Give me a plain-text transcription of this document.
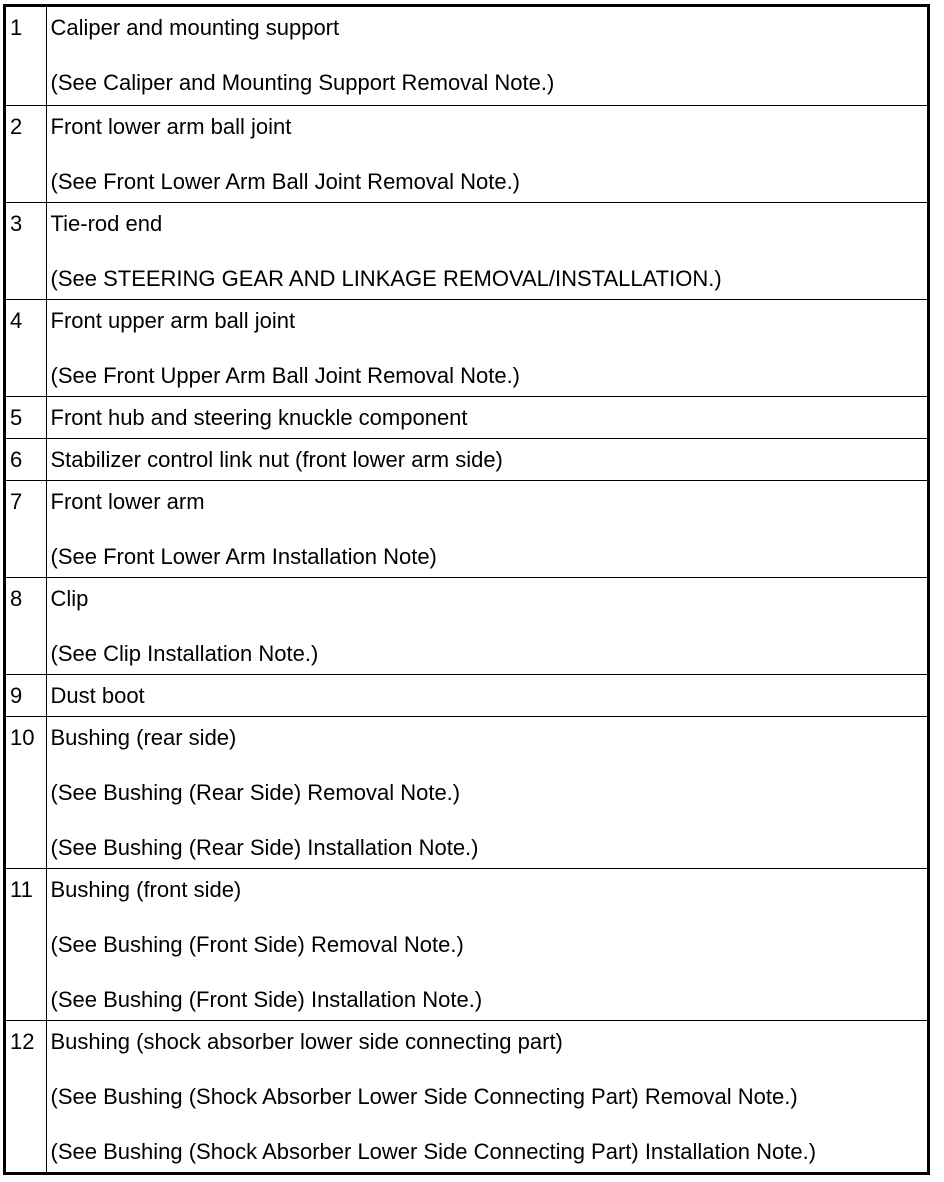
1	Caliper and mounting support
(See Caliper and Mounting Support Removal Note.)

2	Front lower arm ball joint
(See Front Lower Arm Ball Joint Removal Note.)

3	Tie-rod end
(See STEERING GEAR AND LINKAGE REMOVAL/INSTALLATION.)

4	Front upper arm ball joint
(See Front Upper Arm Ball Joint Removal Note.)

5	Front hub and steering knuckle component

6	Stabilizer control link nut (front lower arm side)

7	Front lower arm
(See Front Lower Arm Installation Note)

8	Clip
(See Clip Installation Note.)

9	Dust boot

10	Bushing (rear side)
(See Bushing (Rear Side) Removal Note.)
(See Bushing (Rear Side) Installation Note.)

11	Bushing (front side)
(See Bushing (Front Side) Removal Note.)
(See Bushing (Front Side) Installation Note.)

12	Bushing (shock absorber lower side connecting part)
(See Bushing (Shock Absorber Lower Side Connecting Part) Removal Note.)
(See Bushing (Shock Absorber Lower Side Connecting Part) Installation Note.)
